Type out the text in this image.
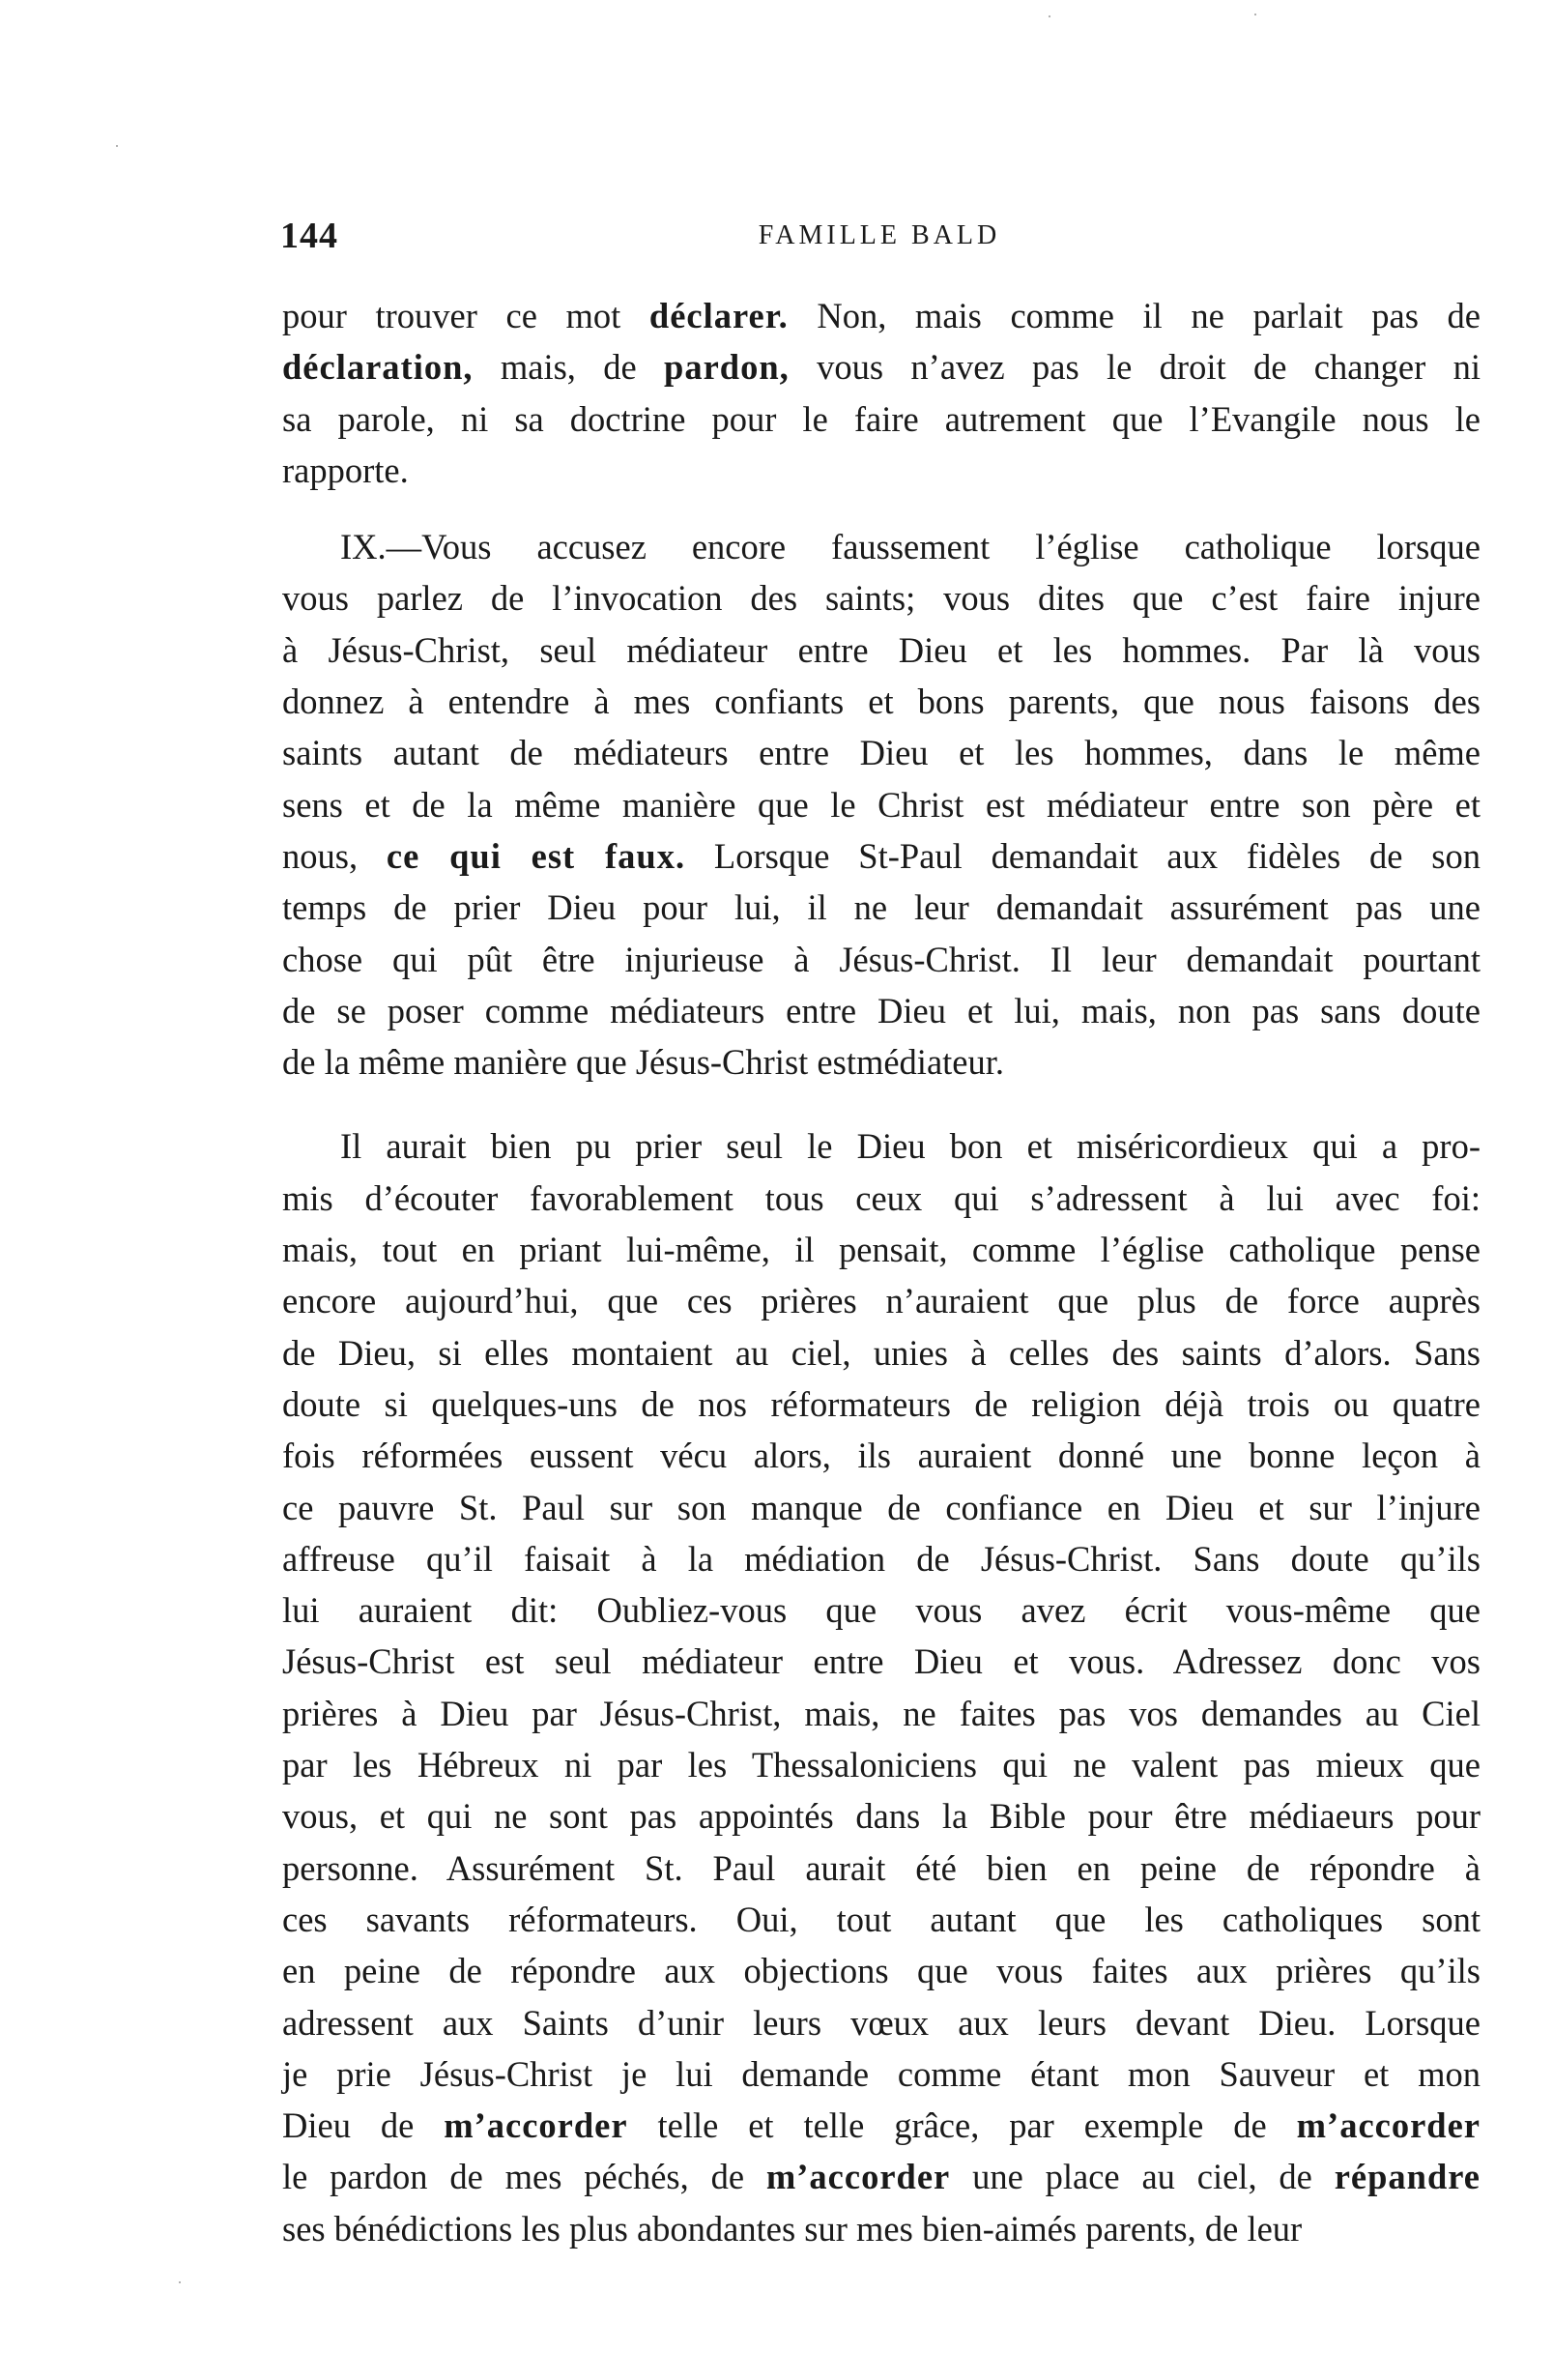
144	FAMILLE BALD
pour trouver ce mot déclarer. Non, mais comme il ne parlait pas de
déclaration, mais, de pardon, vous n’avez pas le droit de changer ni
sa parole, ni sa doctrine pour le faire autrement que l’Evangile nous le
rapporte.
IX.—Vous accusez encore faussement l’église catholique lorsque
vous parlez de l’invocation des saints; vous dites que c’est faire injure
à Jésus-Christ, seul médiateur entre Dieu et les hommes. Par là vous
donnez à entendre à mes confiants et bons parents, que nous faisons des
saints autant de médiateurs entre Dieu et les hommes, dans le même
sens et de la même manière que le Christ est médiateur entre son père et
nous, ce qui est faux. Lorsque St-Paul demandait aux fidèles de son
temps de prier Dieu pour lui, il ne leur demandait assurément pas une
chose qui pût être injurieuse à Jésus-Christ. Il leur demandait pourtant
de se poser comme médiateurs entre Dieu et lui, mais, non pas sans doute
de la même manière que Jésus-Christ estmédiateur.
Il aurait bien pu prier seul le Dieu bon et miséricordieux qui a pro-
mis d’écouter favorablement tous ceux qui s’adressent à lui avec foi:
mais, tout en priant lui-même, il pensait, comme l’église catholique pense
encore aujourd’hui, que ces prières n’auraient que plus de force auprès
de Dieu, si elles montaient au ciel, unies à celles des saints d’alors. Sans
doute si quelques-uns de nos réformateurs de religion déjà trois ou quatre
fois réformées eussent vécu alors, ils auraient donné une bonne leçon à
ce pauvre St. Paul sur son manque de confiance en Dieu et sur l’injure
affreuse qu’il faisait à la médiation de Jésus-Christ. Sans doute qu’ils
lui auraient dit: Oubliez-vous que vous avez écrit vous-même que
Jésus-Christ est seul médiateur entre Dieu et vous. Adressez donc vos
prières à Dieu par Jésus-Christ, mais, ne faites pas vos demandes au Ciel
par les Hébreux ni par les Thessaloniciens qui ne valent pas mieux que
vous, et qui ne sont pas appointés dans la Bible pour être médiaeurs pour
personne. Assurément St. Paul aurait été bien en peine de répondre à
ces savants réformateurs. Oui, tout autant que les catholiques sont
en peine de répondre aux objections que vous faites aux prières qu’ils
adressent aux Saints d’unir leurs vœux aux leurs devant Dieu. Lorsque
je prie Jésus-Christ je lui demande comme étant mon Sauveur et mon
Dieu de m’accorder telle et telle grâce, par exemple de m’accorder
le pardon de mes péchés, de m’accorder une place au ciel, de répandre
ses bénédictions les plus abondantes sur mes bien-aimés parents, de leur
